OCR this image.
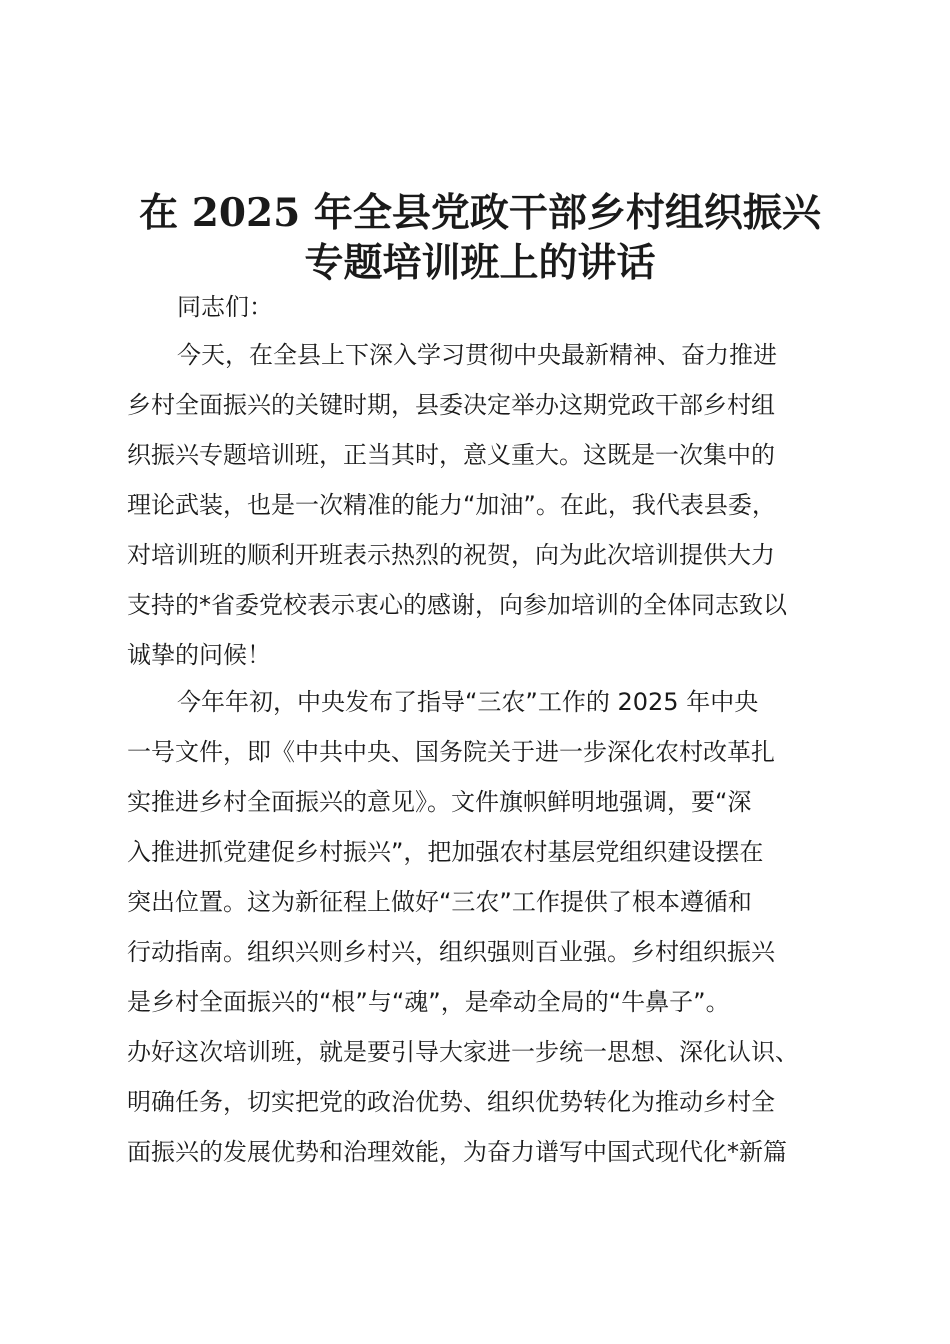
在 2025 年全县党政干部乡村组织振兴
专题培训班上的讲话
同志们：
今天，在全县上下深入学习贯彻中央最新精神、奋力推进
乡村全面振兴的关键时期，县委决定举办这期党政干部乡村组
织振兴专题培训班，正当其时，意义重大。这既是一次集中的
理论武装，也是一次精准的能力“加油”。在此，我代表县委，
对培训班的顺利开班表示热烈的祝贺，向为此次培训提供大力
支持的*省委党校表示衷心的感谢，向参加培训的全体同志致以
诚挚的问候！
今年年初，中央发布了指导“三农”工作的 2025 年中央
一号文件，即《中共中央、国务院关于进一步深化农村改革扎
实推进乡村全面振兴的意见》。文件旗帜鲜明地强调，要“深
入推进抓党建促乡村振兴”，把加强农村基层党组织建设摆在
突出位置。这为新征程上做好“三农”工作提供了根本遵循和
行动指南。组织兴则乡村兴，组织强则百业强。乡村组织振兴
是乡村全面振兴的“根”与“魂”，是牵动全局的“牛鼻子”。
办好这次培训班，就是要引导大家进一步统一思想、深化认识、
明确任务，切实把党的政治优势、组织优势转化为推动乡村全
面振兴的发展优势和治理效能，为奋力谱写中国式现代化*新篇
